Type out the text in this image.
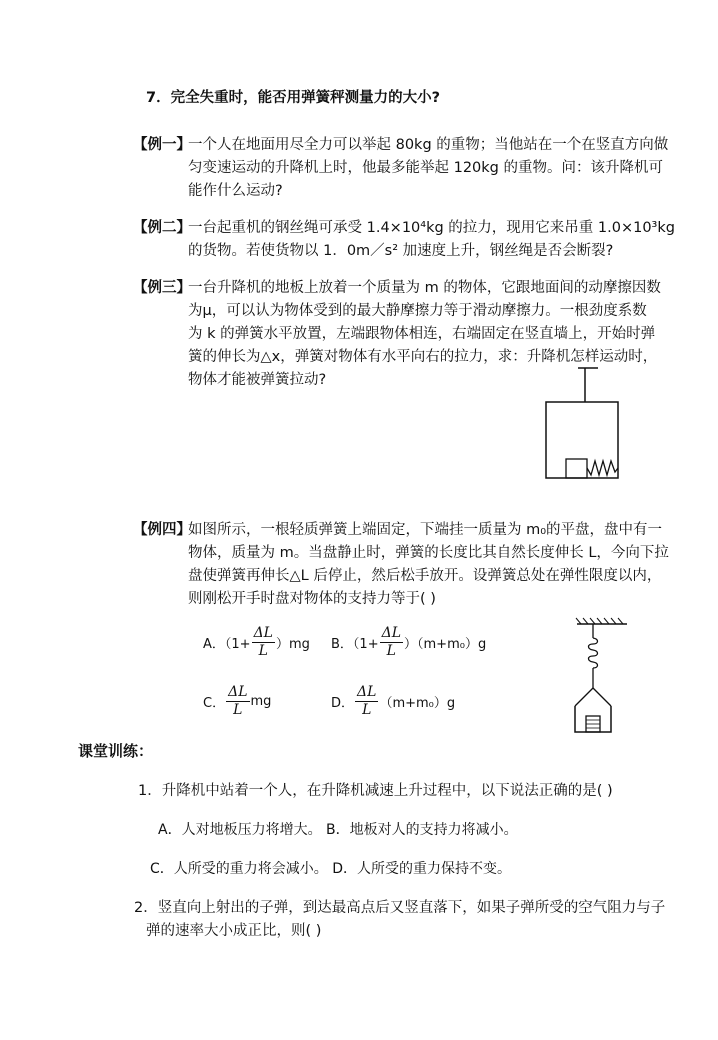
7．完全失重时，能否用弹簧秤测量力的大小?
【例一】
一个人在地面用尽全力可以举起 80kg 的重物；当他站在一个在竖直方向做
匀变速运动的升降机上时，他最多能举起 120kg 的重物。问：该升降机可
能作什么运动?
【例二】
一台起重机的钢丝绳可承受 1.4×10⁴kg 的拉力，现用它来吊重 1.0×10³kg
的货物。若使货物以 1．0m／s² 加速度上升，钢丝绳是否会断裂?
【例三】
一台升降机的地板上放着一个质量为 m 的物体，它跟地面间的动摩擦因数
为μ，可以认为物体受到的最大静摩擦力等于滑动摩擦力。一根劲度系数
为 k 的弹簧水平放置，左端跟物体相连，右端固定在竖直墙上，开始时弹
簧的伸长为△x，弹簧对物体有水平向右的拉力，求：升降机怎样运动时，
物体才能被弹簧拉动?
【例四】
如图所示，一根轻质弹簧上端固定，下端挂一质量为 m₀的平盘，盘中有一
物体，质量为 m。当盘静止时，弹簧的长度比其自然长度伸长 L，今向下拉
盘使弹簧再伸长△L 后停止，然后松手放开。设弹簧总处在弹性限度以内，
则刚松开手时盘对物体的支持力等于( )
A．$(1+ \frac{\Delta L}{L} )mg$ B．$(1+ \frac{\Delta L}{L} )(m+m_0)g$
C． $\frac{\Delta L}{L}$ mg	D． $\frac{\Delta L}{L} (m+m_0)g$
课堂训练：
1．升降机中站着一个人，在升降机减速上升过程中，以下说法正确的是( )
A．人对地板压力将增大。 B．地板对人的支持力将减小。
C．人所受的重力将会减小。 D．人所受的重力保持不变。
2．竖直向上射出的子弹，到达最高点后又竖直落下，如果子弹所受的空气阻力与子
弹的速率大小成正比，则( )
